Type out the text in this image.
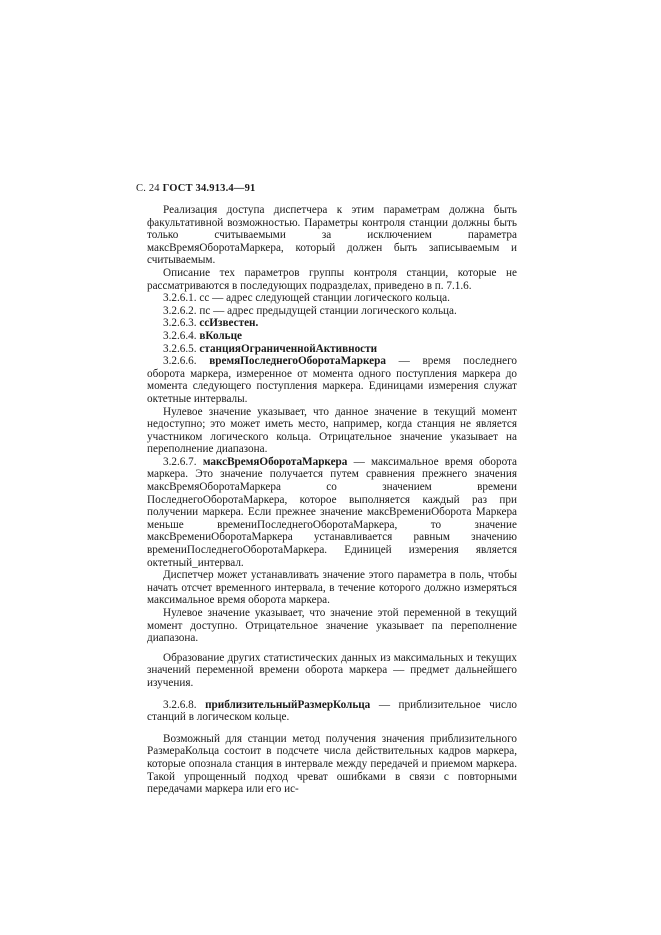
С. 24 ГОСТ 34.913.4—91

Реализация доступа диспетчера к этим параметрам должна быть факультативной возможностью. Параметры контроля станции должны быть только считываемыми за исключением параметра максВремяОборотаМаркера, который должен быть записываемым и считываемым.

Описание тех параметров группы контроля станции, которые не рассматриваются в последующих подразделах, приведено в п. 7.1.6.

3.2.6.1. сс — адрес следующей станции логического кольца.

3.2.6.2. пс — адрес предыдущей станции логического кольца.

3.2.6.3. ссИзвестен.

3.2.6.4. вКольце

3.2.6.5. станцияОграниченнойАктивности

3.2.6.6. времяПоследнегоОборотаМаркера — время последнего оборота маркера, измеренное от момента одного поступления маркера до момента следующего поступления маркера. Единицами измерения служат октетные интервалы.

Нулевое значение указывает, что данное значение в текущий момент недоступно; это может иметь место, например, когда станция не является участником логического кольца. Отрицательное значение указывает на переполнение диапазона.

3.2.6.7. максВремяОборотаМаркера — максимальное время оборота маркера. Это значение получается путем сравнения прежнего значения максВремяОборотаМаркера со значением времени ПоследнегоОборотаМаркера, которое выполняется каждый раз при получении маркера. Если прежнее значение максВремениОборота Маркера меньше времениПоследнегоОборотаМаркера, то значение максВремениОборотаМаркера устанавливается равным значению времениПоследнегоОборотаМаркера. Единицей измерения является октетный_интервал.

Диспетчер может устанавливать значение этого параметра в поль, чтобы начать отсчет временного интервала, в течение которого должно измеряться максимальное время оборота маркера.

Нулевое значение указывает, что значение этой переменной в текущий момент доступно. Отрицательное значение указывает па переполнение диапазона.

Образование других статистических данных из максимальных и текущих значений переменной времени оборота маркера — предмет дальнейшего изучения.

3.2.6.8. приблизительныйРазмерКольца — приблизительное число станций в логическом кольце.

Возможный для станции метод получения значения приблизительного РазмераКольца состоит в подсчете числа действительных кадров маркера, которые опознала станция в интервале между передачей и приемом маркера. Такой упрощенный подход чреват ошибками в связи с повторными передачами маркера или его ис-
